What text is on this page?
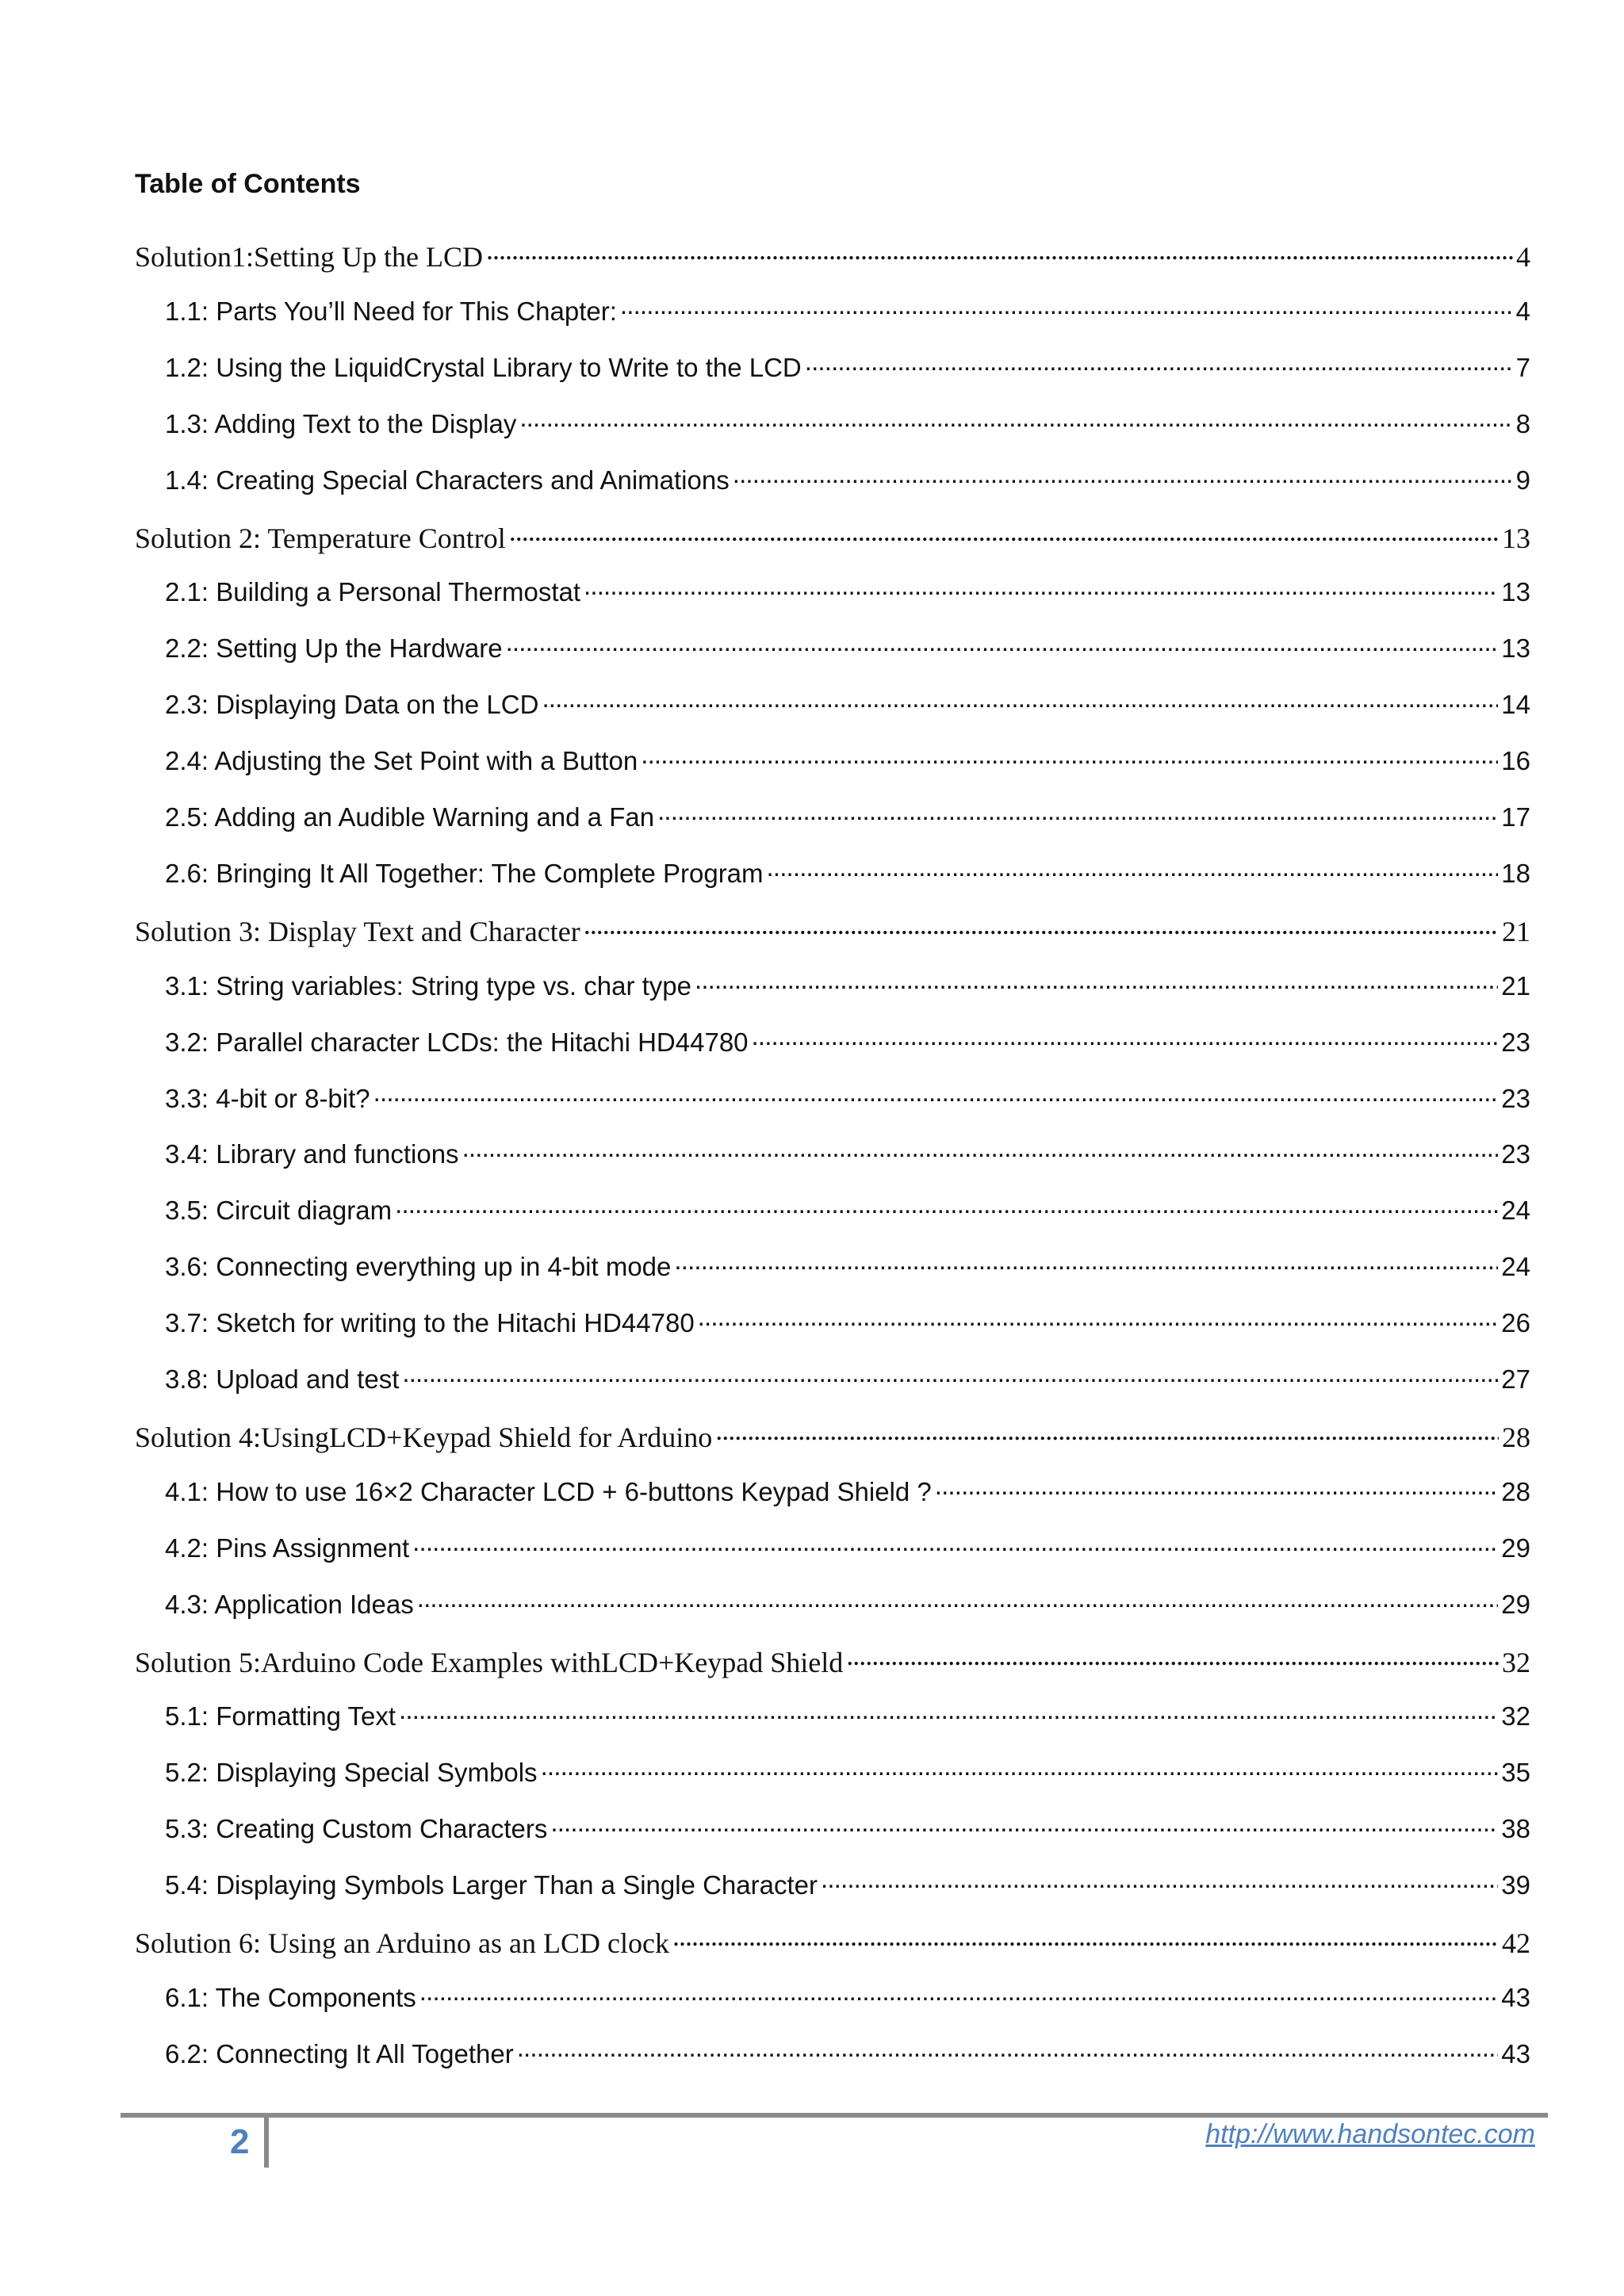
Table of Contents
Solution1:Setting Up the LCD . . .	4
1.1: Parts You’ll Need for This Chapter: . . .	4
1.2: Using the LiquidCrystal Library to Write to the LCD . . .	7
1.3: Adding Text to the Display . . .	8
1.4: Creating Special Characters and Animations . . .	9
Solution 2: Temperature Control . . .	13
2.1: Building a Personal Thermostat . . .	13
2.2: Setting Up the Hardware . . .	13
2.3: Displaying Data on the LCD . . .	14
2.4: Adjusting the Set Point with a Button . . .	16
2.5: Adding an Audible Warning and a Fan . . .	17
2.6: Bringing It All Together: The Complete Program . . .	18
Solution 3: Display Text and Character . . .	21
3.1: String variables: String type vs. char type . . .	21
3.2: Parallel character LCDs: the Hitachi HD44780 . . .	23
3.3: 4-bit or 8-bit? . . .	23
3.4: Library and functions . . .	23
3.5: Circuit diagram . . .	24
3.6: Connecting everything up in 4-bit mode . . .	24
3.7: Sketch for writing to the Hitachi HD44780 . . .	26
3.8: Upload and test . . .	27
Solution 4:UsingLCD+Keypad Shield for Arduino . . .	28
4.1: How to use 16×2 Character LCD + 6-buttons Keypad Shield ? . . .	28
4.2: Pins Assignment . . .	29
4.3: Application Ideas . . .	29
Solution 5:Arduino Code Examples withLCD+Keypad Shield . . .	32
5.1: Formatting Text . . .	32
5.2: Displaying Special Symbols . . .	35
5.3: Creating Custom Characters . . .	38
5.4: Displaying Symbols Larger Than a Single Character . . .	39
Solution 6: Using an Arduino as an LCD clock . . .	42
6.1: The Components . . .	43
6.2: Connecting It All Together . . .	43
2	http://www.handsontec.com
